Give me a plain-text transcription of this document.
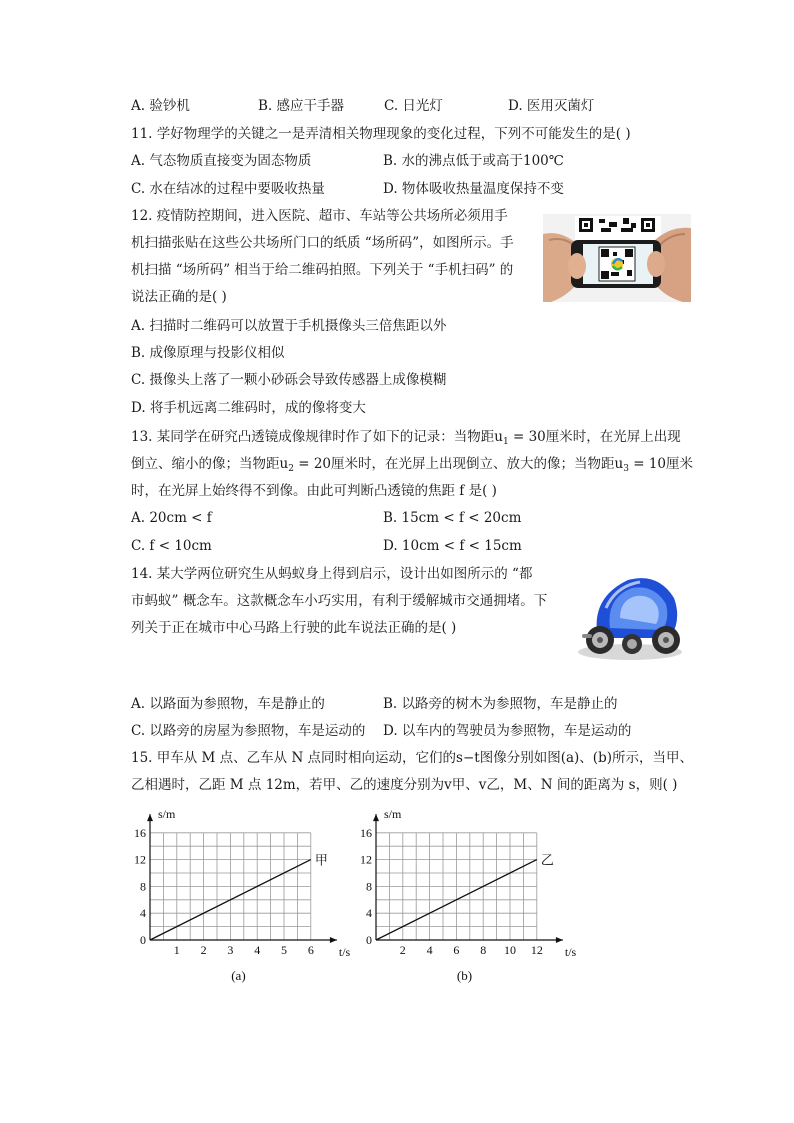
A. 验钞机	B. 感应干手器	C. 日光灯	D. 医用灭菌灯
11. 学好物理学的关键之一是弄清相关物理现象的变化过程，下列不可能发生的是( )
A. 气态物质直接变为固态物质	B. 水的沸点低于或高于100℃
C. 水在结冰的过程中要吸收热量	D. 物体吸收热量温度保持不变
12. 疫情防控期间，进入医院、超市、车站等公共场所必须用手
机扫描张贴在这些公共场所门口的纸质 “场所码”，如图所示。手
机扫描 “场所码” 相当于给二维码拍照。下列关于 “手机扫码” 的
说法正确的是( )
A. 扫描时二维码可以放置于手机摄像头三倍焦距以外
B. 成像原理与投影仪相似
C. 摄像头上落了一颗小砂砾会导致传感器上成像模糊
D. 将手机远离二维码时，成的像将变大
13. 某同学在研究凸透镜成像规律时作了如下的记录：当物距$u_1 = 30$厘米时，在光屏上出现
倒立、缩小的像；当物距$u_2 = 20$厘米时，在光屏上出现倒立、放大的像；当物距$u_3 = 10$厘米
时，在光屏上始终得不到像。由此可判断凸透镜的焦距 f 是( )
A. 20cm < f	B. 15cm < f < 20cm
C. f < 10cm	D. 10cm < f < 15cm
14. 某大学两位研究生从蚂蚁身上得到启示，设计出如图所示的 “都
市蚂蚁” 概念车。这款概念车小巧实用，有利于缓解城市交通拥堵。下
列关于正在城市中心马路上行驶的此车说法正确的是( )
A. 以路面为参照物，车是静止的	B. 以路旁的树木为参照物，车是静止的
C. 以路旁的房屋为参照物，车是运动的 D. 以车内的驾驶员为参照物，车是运动的
15. 甲车从 M 点、乙车从 N 点同时相向运动，它们的s−t图像分别如图(a)、(b)所示，当甲、
乙相遇时，乙距 M 点 12m，若甲、乙的速度分别为v甲、v乙，M、N 间的距离为 s，则( )
1 2 3 4 5 6
0
4
8
12
16
t/s
s/m
甲
(a)
2 4 6 8 10 12
0
4
8
12
16
t/s
s/m
乙
(b)
